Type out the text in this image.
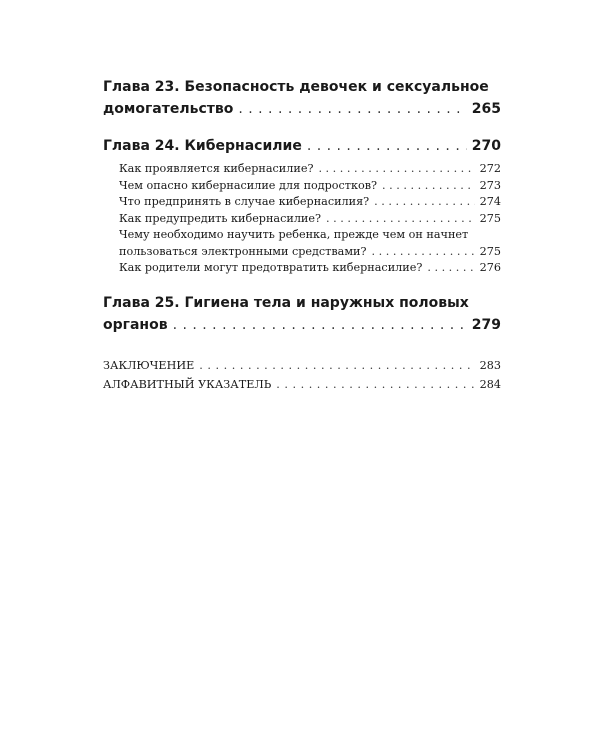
Глава 23. Безопасность девочек и сексуальное
домогательство . . .	265
Глава 24. Кибернасилие . . .	270
Как проявляется кибернасилие? . . .	272
Чем опасно кибернасилие для подростков? . . .	273
Что предпринять в случае кибернасилия? . . .	274
Как предупредить кибернасилие? . . .	275
Чему необходимо научить ребенка, прежде чем он начнет
пользоваться электронными средствами? . . .	275
Как родители могут предотвратить кибернасилие? . . .	276
Глава 25. Гигиена тела и наружных половых
органов . . .	279
ЗАКЛЮЧЕНИЕ . . .	283
АЛФАВИТНЫЙ УКАЗАТЕЛЬ . . .	284
